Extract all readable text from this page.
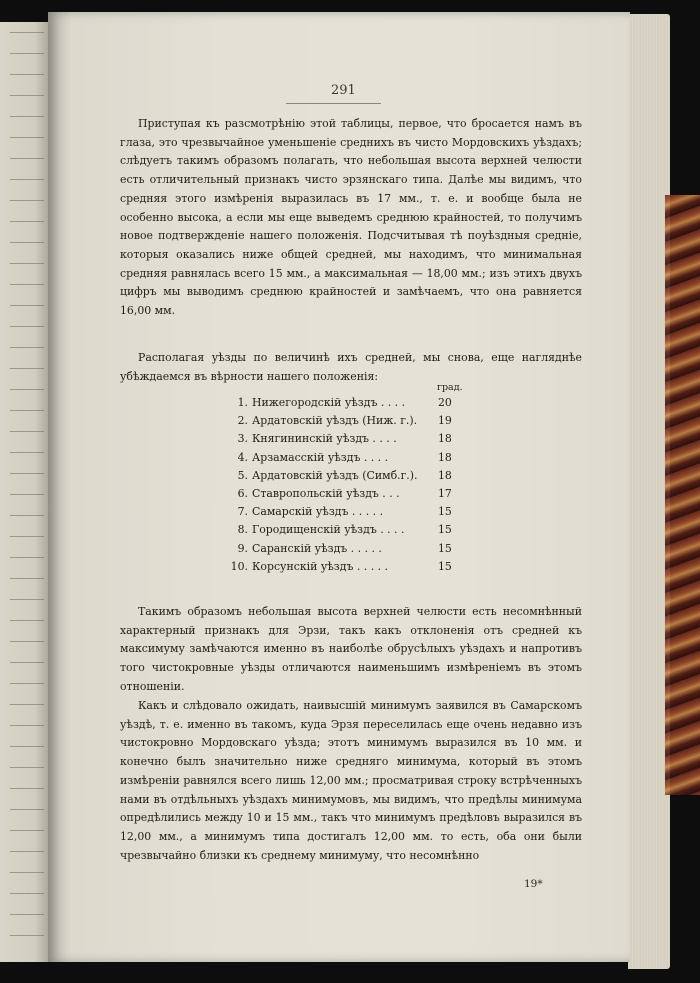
291
Приступая къ разсмотрѣнію этой таблицы, первое, что бросается намъ въ глаза, это чрезвычайное уменьшеніе среднихъ въ чисто Мордовскихъ уѣздахъ; слѣдуетъ такимъ образомъ полагать, что небольшая высота верхней челюсти есть отличительный признакъ чисто эрзянскаго типа. Далѣе мы видимъ, что средняя этого измѣренія выразилась въ 17 мм., т. е. и вообще была не особенно высока, а если мы еще выведемъ среднюю крайностей, то получимъ новое подтвержденіе нашего положенія. Подсчитывая тѣ поуѣздныя средніе, которыя оказались ниже общей средней, мы находимъ, что минимальная средняя равнялась всего 15 мм., а максимальная — 18,00 мм.; изъ этихъ двухъ цифръ мы выводимъ среднюю крайностей и замѣчаемъ, что она равняется 16,00 мм.
Располагая уѣзды по величинѣ ихъ средней, мы снова, еще нагляднѣе убѣждаемся въ вѣрности нашего положенія:
град.
1. Нижегородскій уѣздъ . . . .	20
2. Ардатовскій уѣздъ (Ниж. г.). 19
3. Княгининскій уѣздъ . . . .	18
4. Арзамасскій уѣздъ . . . .	18
5. Ардатовскій уѣздъ (Симб.г.). 18
6. Ставропольскій уѣздъ . . .	17
7. Самарскій уѣздъ . . . . .	15
8. Городищенскій уѣздъ . . . .	15
9. Саранскій уѣздъ . . . . .	15
10. Корсунскій уѣздъ . . . . .	15
Такимъ образомъ небольшая высота верхней челюсти есть несомнѣнный характерный признакъ для Эрзи, такъ какъ отклоненія отъ средней къ максимуму замѣчаются именно въ наиболѣе обрусѣлыхъ уѣздахъ и напротивъ того чистокровные уѣзды отличаются наименьшимъ измѣреніемъ въ этомъ отношеніи.
Какъ и слѣдовало ожидать, наивысшій минимумъ заявился въ Самарскомъ уѣздѣ, т. е. именно въ такомъ, куда Эрзя переселилась еще очень недавно изъ чистокровно Мордовскаго уѣзда; этотъ минимумъ выразился въ 10 мм. и конечно былъ значительно ниже средняго минимума, который въ этомъ измѣреніи равнялся всего лишь 12,00 мм.; просматривая строку встрѣченныхъ нами въ отдѣльныхъ уѣздахъ минимумовъ, мы видимъ, что предѣлы минимума опредѣлились между 10 и 15 мм., такъ что минимумъ предѣловъ выразился въ 12,00 мм., а минимумъ типа достигалъ 12,00 мм. то есть, оба они были чрезвычайно близки къ среднему минимуму, что несомнѣнно
19*
